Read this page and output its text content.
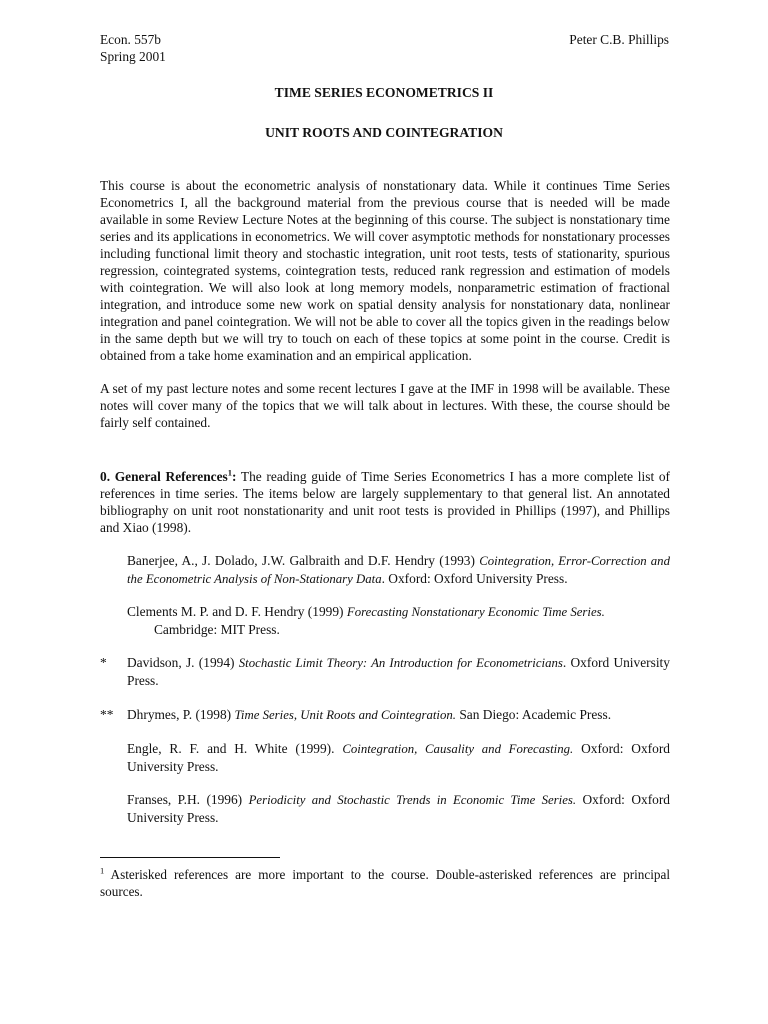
Econ. 557b
Spring 2001
Peter C.B. Phillips
TIME SERIES ECONOMETRICS II
UNIT ROOTS AND COINTEGRATION

This course is about the econometric analysis of nonstationary data. While it continues Time Series Econometrics I, all the background material from the previous course that is needed will be made available in some Review Lecture Notes at the beginning of this course. The subject is nonstationary time series and its applications in econometrics. We will cover asymptotic methods for nonstationary processes including functional limit theory and stochastic integration, unit root tests, tests of stationarity, spurious regression, cointegrated systems, cointegration tests, reduced rank regression and estimation of models with cointegration. We will also look at long memory models, nonparametric estimation of fractional integration, and introduce some new work on spatial density analysis for nonstationary data, nonlinear integration and panel cointegration. We will not be able to cover all the topics given in the readings below in the same depth but we will try to touch on each of these topics at some point in the course. Credit is obtained from a take home examination and an empirical application.

A set of my past lecture notes and some recent lectures I gave at the IMF in 1998 will be available. These notes will cover many of the topics that we will talk about in lectures. With these, the course should be fairly self contained.

0. General References$^1$: The reading guide of Time Series Econometrics I has a more complete list of references in time series. The items below are largely supplementary to that general list. An annotated bibliography on unit root nonstationarity and unit root tests is provided in Phillips (1997), and Phillips and Xiao (1998).

Banerjee, A., J. Dolado, J.W. Galbraith and D.F. Hendry (1993) Cointegration, Error-Correction and the Econometric Analysis of Non-Stationary Data. Oxford: Oxford University Press.
Clements M. P. and D. F. Hendry (1999) Forecasting Nonstationary Economic Time Series.
Cambridge: MIT Press.
* Davidson, J. (1994) Stochastic Limit Theory: An Introduction for Econometricians. Oxford University Press.
** Dhrymes, P. (1998) Time Series, Unit Roots and Cointegration. San Diego: Academic Press.
Engle, R. F. and H. White (1999). Cointegration, Causality and Forecasting. Oxford: Oxford University Press.
Franses, P.H. (1996) Periodicity and Stochastic Trends in Economic Time Series. Oxford: Oxford University Press.
$^1$ Asterisked references are more important to the course. Double-asterisked references are principal sources.
